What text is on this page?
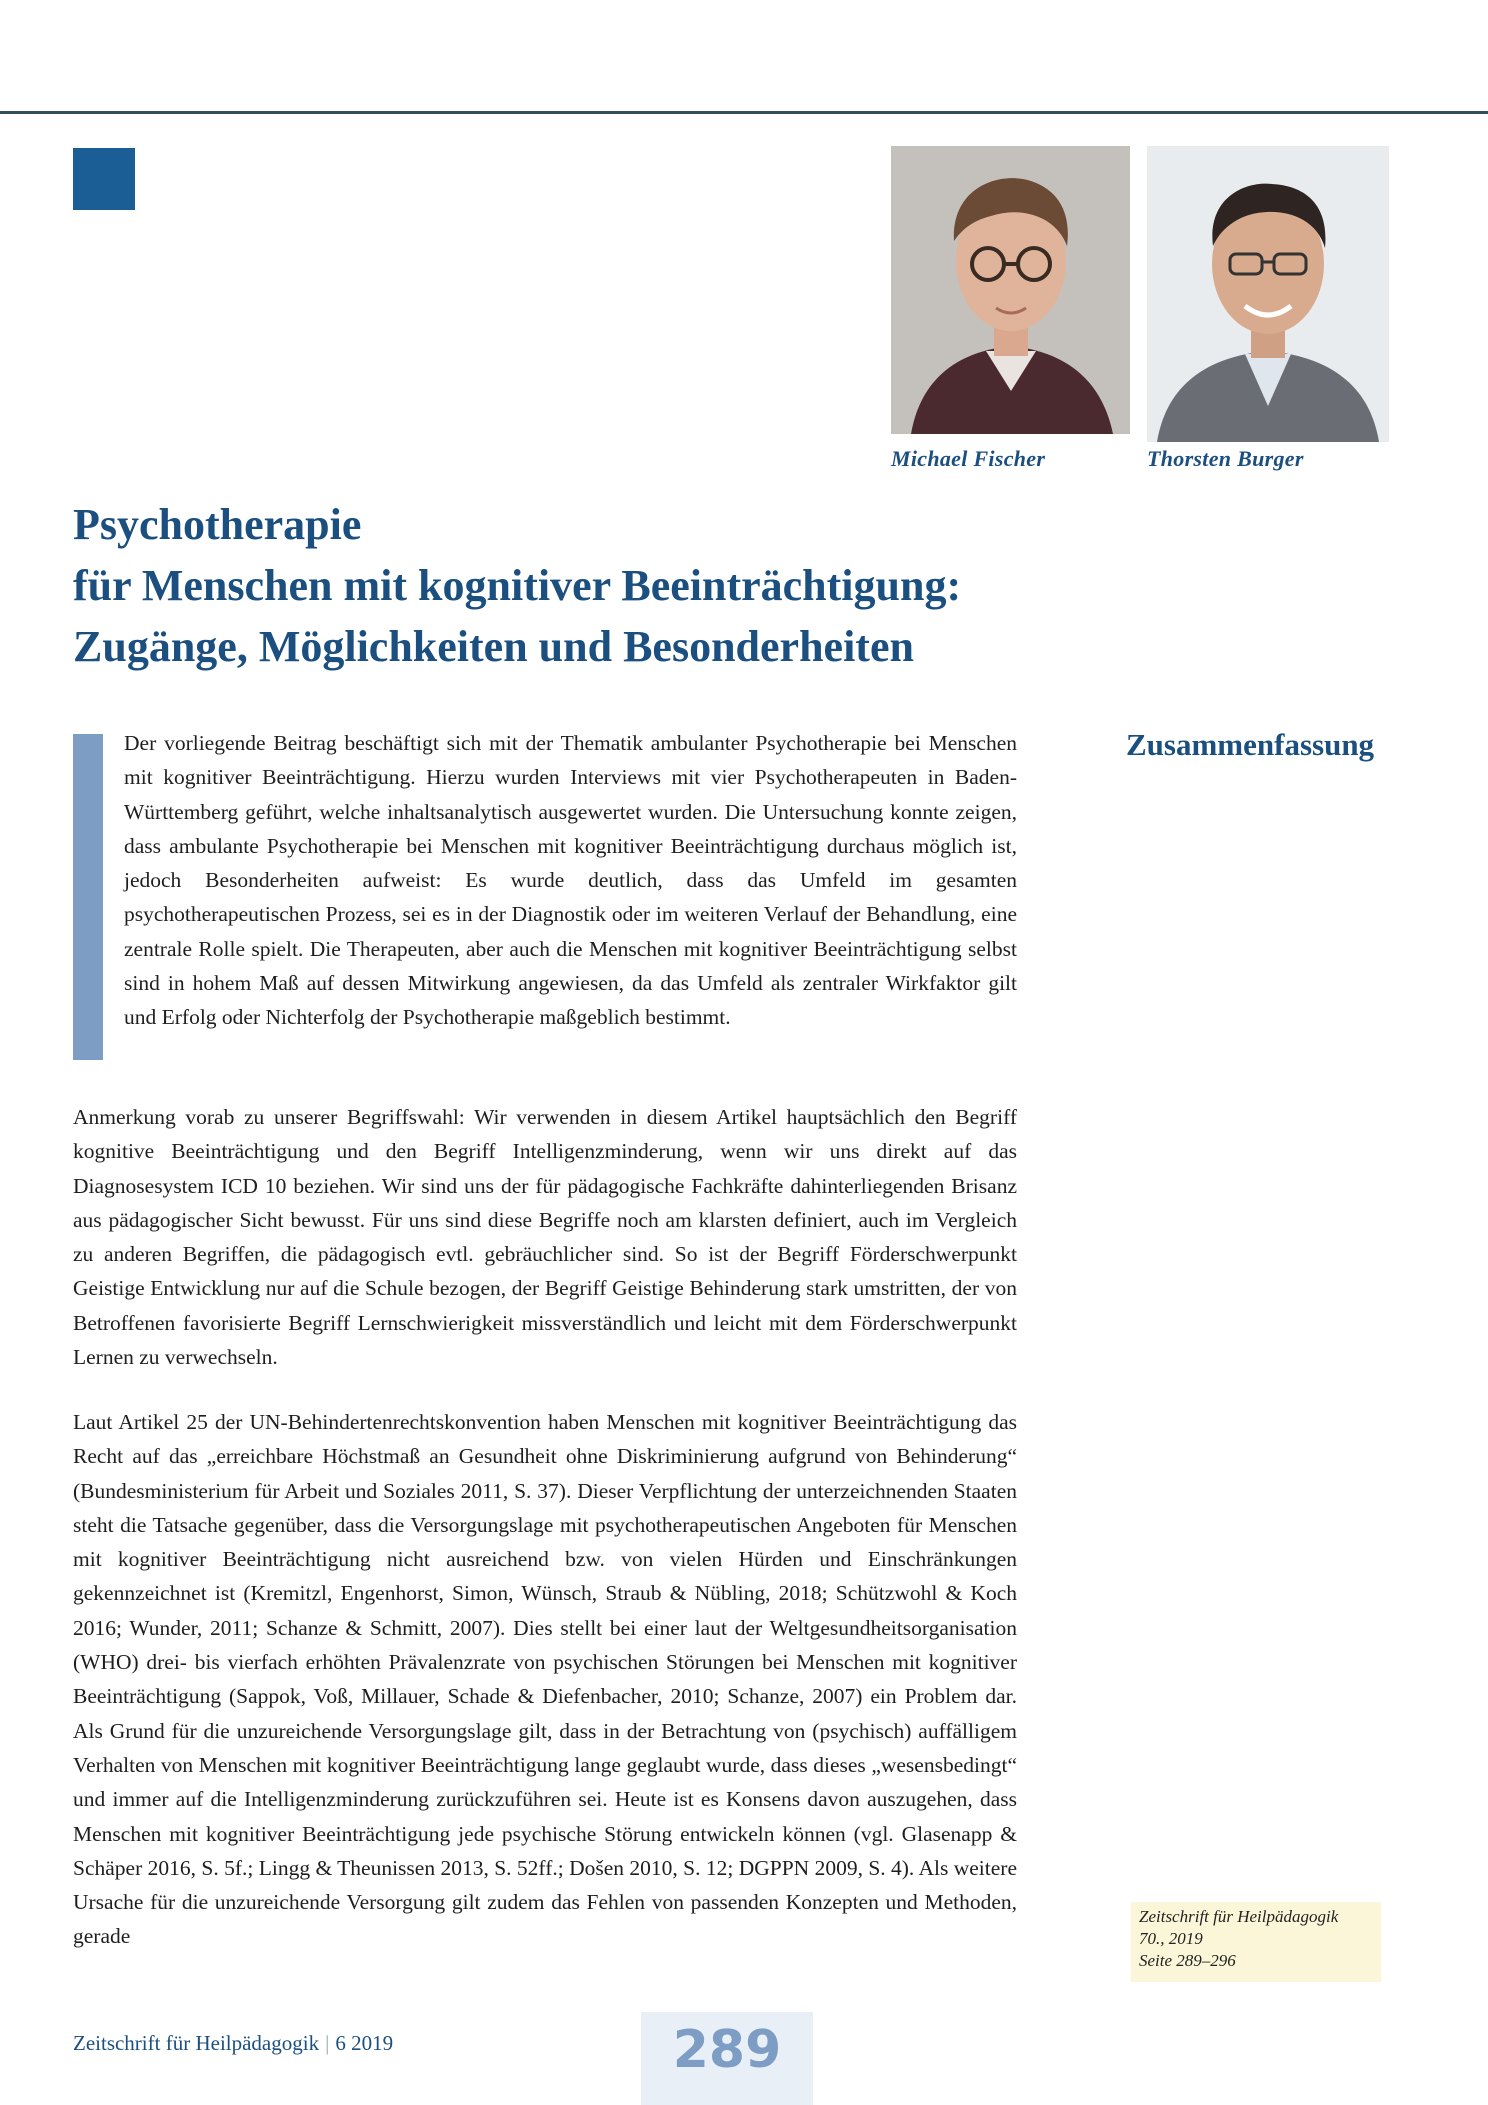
Michael Fischer	Thorsten Burger
Psychotherapie
für Menschen mit kognitiver Beeinträchtigung:
Zugänge, Möglichkeiten und Besonderheiten

Der vorliegende Beitrag beschäftigt sich mit der Thematik ambulanter Psychotherapie bei Menschen mit kognitiver Beeinträchtigung. Hierzu wurden Interviews mit vier Psychotherapeuten in Baden-Württemberg geführt, welche inhaltsanalytisch ausgewertet wurden. Die Untersuchung konnte zeigen, dass ambulante Psychotherapie bei Menschen mit kognitiver Beeinträchtigung durchaus möglich ist, jedoch Besonderheiten aufweist: Es wurde deutlich, dass das Umfeld im gesamten psychotherapeutischen Prozess, sei es in der Diagnostik oder im weiteren Verlauf der Behandlung, eine zentrale Rolle spielt. Die Therapeuten, aber auch die Menschen mit kognitiver Beeinträchtigung selbst sind in hohem Maß auf dessen Mitwirkung angewiesen, da das Umfeld als zentraler Wirkfaktor gilt und Erfolg oder Nichterfolg der Psychotherapie maßgeblich bestimmt.

Zusammenfassung

Anmerkung vorab zu unserer Begriffswahl: Wir verwenden in diesem Artikel hauptsächlich den Begriff kognitive Beeinträchtigung und den Begriff Intelligenzminderung, wenn wir uns direkt auf das Diagnosesystem ICD 10 beziehen. Wir sind uns der für pädagogische Fachkräfte dahinterliegenden Brisanz aus pädagogischer Sicht bewusst. Für uns sind diese Begriffe noch am klarsten definiert, auch im Vergleich zu anderen Begriffen, die pädagogisch evtl. gebräuchlicher sind. So ist der Begriff Förderschwerpunkt Geistige Entwicklung nur auf die Schule bezogen, der Begriff Geistige Behinderung stark umstritten, der von Betroffenen favorisierte Begriff Lernschwierigkeit missverständlich und leicht mit dem Förderschwerpunkt Lernen zu verwechseln.

Laut Artikel 25 der UN-Behindertenrechtskonvention haben Menschen mit kognitiver Beeinträchtigung das Recht auf das „erreichbare Höchstmaß an Gesundheit ohne Diskriminierung aufgrund von Behinderung“ (Bundesministerium für Arbeit und Soziales 2011, S. 37). Dieser Verpflichtung der unterzeichnenden Staaten steht die Tatsache gegenüber, dass die Versorgungslage mit psychotherapeutischen Angeboten für Menschen mit kognitiver Beeinträchtigung nicht ausreichend bzw. von vielen Hürden und Einschränkungen gekennzeichnet ist (Kremitzl, Engenhorst, Simon, Wünsch, Straub & Nübling, 2018; Schützwohl & Koch 2016; Wunder, 2011; Schanze & Schmitt, 2007). Dies stellt bei einer laut der Weltgesundheitsorganisation (WHO) drei- bis vierfach erhöhten Prävalenzrate von psychischen Störungen bei Menschen mit kognitiver Beeinträchtigung (Sappok, Voß, Millauer, Schade & Diefenbacher, 2010; Schanze, 2007) ein Problem dar. Als Grund für die unzureichende Versorgungslage gilt, dass in der Betrachtung von (psychisch) auffälligem Verhalten von Menschen mit kognitiver Beeinträchtigung lange geglaubt wurde, dass dieses „wesensbedingt“ und immer auf die Intelligenzminderung zurückzuführen sei. Heute ist es Konsens davon auszugehen, dass Menschen mit kognitiver Beeinträchtigung jede psychische Störung entwickeln können (vgl. Glasenapp & Schäper 2016, S. 5f.; Lingg & Theunissen 2013, S. 52ff.; Došen 2010, S. 12; DGPPN 2009, S. 4). Als weitere Ursache für die unzureichende Versorgung gilt zudem das Fehlen von passenden Konzepten und Methoden, gerade

Zeitschrift für Heilpädagogik
70., 2019
Seite 289–296
Zeitschrift für Heilpädagogik | 6 2019	289
